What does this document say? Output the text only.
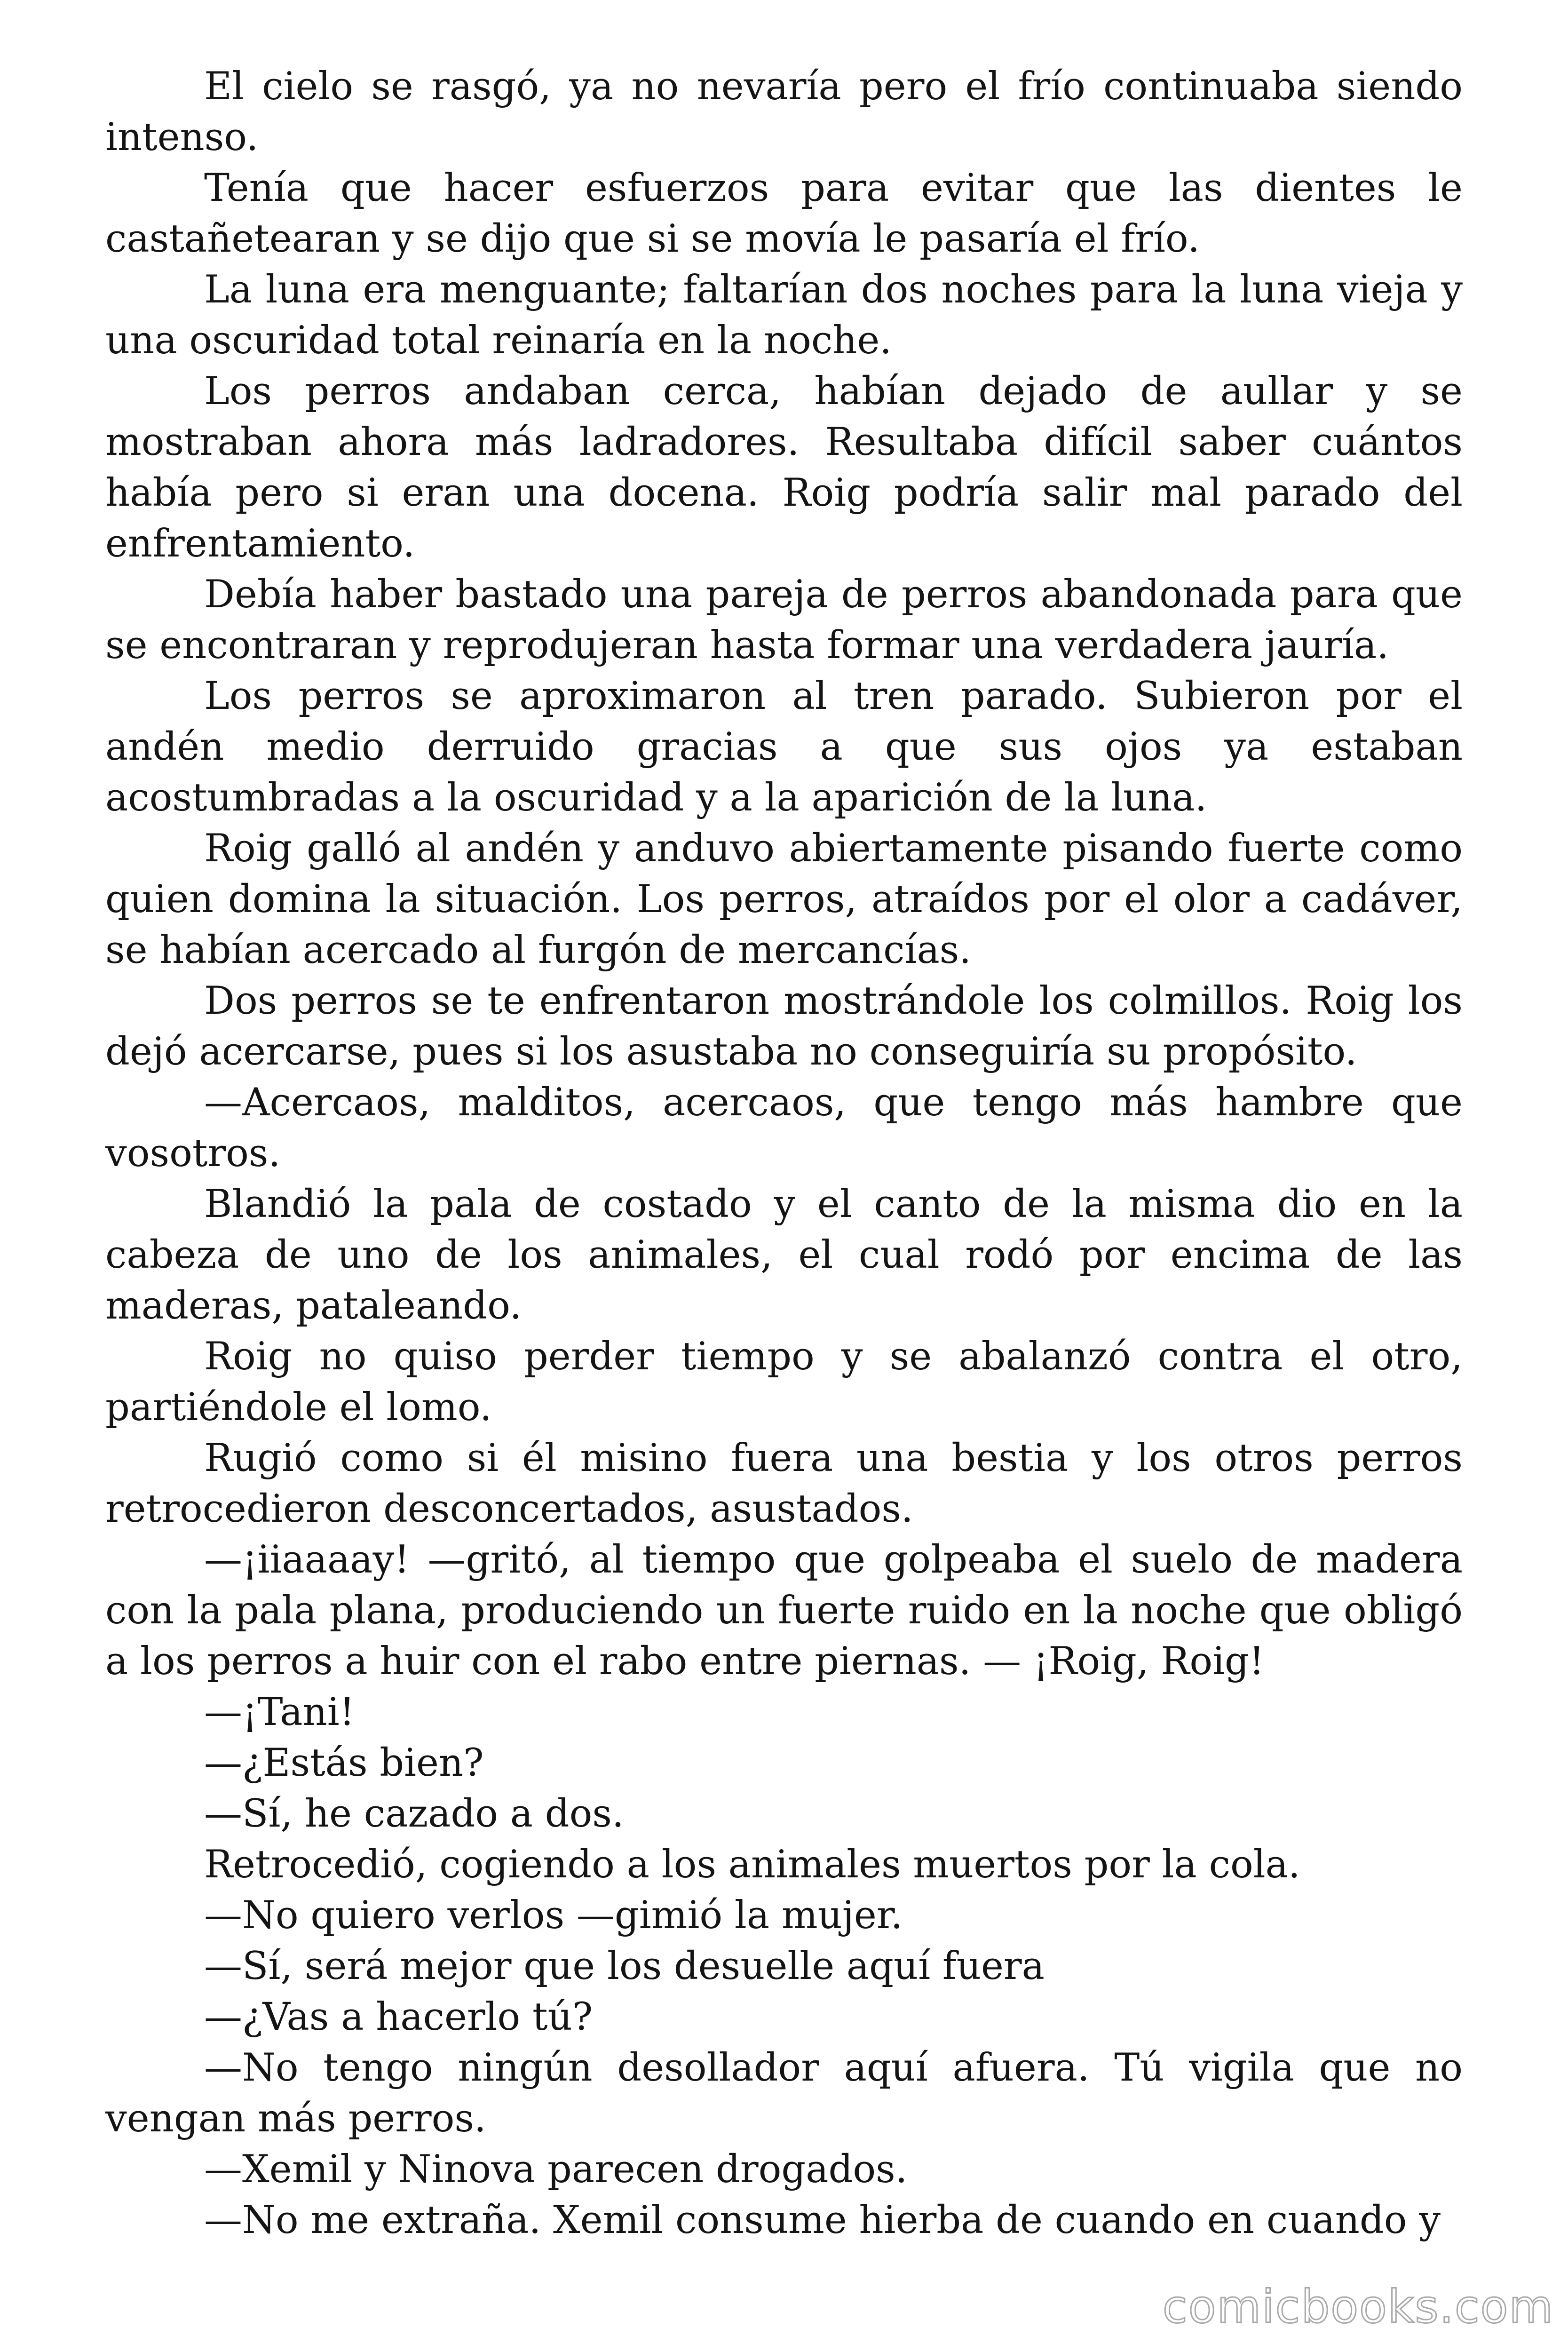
El cielo se rasgó, ya no nevaría pero el frío continuaba siendo intenso.

Tenía que hacer esfuerzos para evitar que las dientes le castañetearan y se dijo que si se movía le pasaría el frío.

La luna era menguante; faltarían dos noches para la luna vieja y una oscuridad total reinaría en la noche.

Los perros andaban cerca, habían dejado de aullar y se mostraban ahora más ladradores. Resultaba difícil saber cuántos había pero si eran una docena. Roig podría salir mal parado del enfrentamiento.

Debía haber bastado una pareja de perros abandonada para que se encontraran y reprodujeran hasta formar una verdadera jauría.

Los perros se aproximaron al tren parado. Subieron por el andén medio derruido gracias a que sus ojos ya estaban acostumbradas a la oscuridad y a la aparición de la luna.

Roig galló al andén y anduvo abiertamente pisando fuerte como quien domina la situación. Los perros, atraídos por el olor a cadáver, se habían acercado al furgón de mercancías.

Dos perros se te enfrentaron mostrándole los colmillos. Roig los dejó acercarse, pues si los asustaba no conseguiría su propósito.

—Acercaos, malditos, acercaos, que tengo más hambre que vosotros.

Blandió la pala de costado y el canto de la misma dio en la cabeza de uno de los animales, el cual rodó por encima de las maderas, pataleando.

Roig no quiso perder tiempo y se abalanzó contra el otro, partiéndole el lomo.

Rugió como si él misino fuera una bestia y los otros perros retrocedieron desconcertados, asustados.

—¡iiaaaay! —gritó, al tiempo que golpeaba el suelo de madera con la pala plana, produciendo un fuerte ruido en la noche que obligó a los perros a huir con el rabo entre piernas. — ¡Roig, Roig!

—¡Tani!

—¿Estás bien?

—Sí, he cazado a dos.

Retrocedió, cogiendo a los animales muertos por la cola.

—No quiero verlos —gimió la mujer.

—Sí, será mejor que los desuelle aquí fuera

—¿Vas a hacerlo tú?

—No tengo ningún desollador aquí afuera. Tú vigila que no vengan más perros.

—Xemil y Ninova parecen drogados.

—No me extraña. Xemil consume hierba de cuando en cuando y

comicbooks.com
